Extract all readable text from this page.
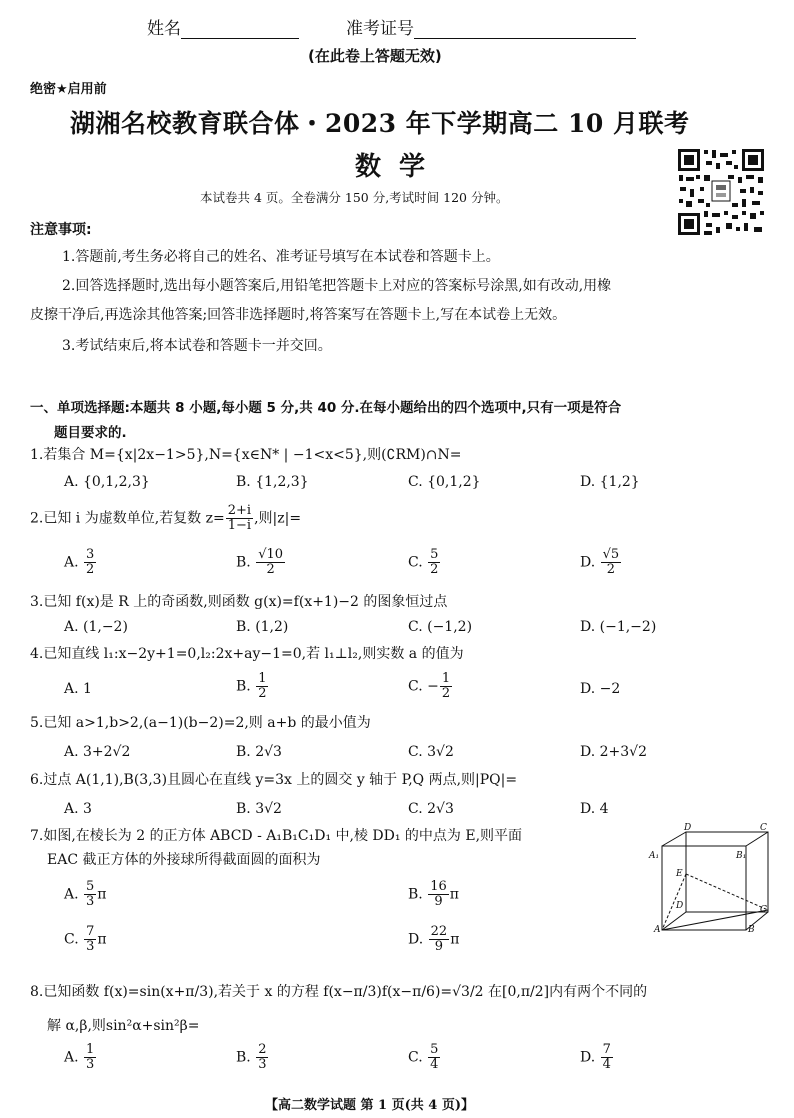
姓名	准考证号
(在此卷上答题无效)
绝密★启用前
湖湘名校教育联合体・2023 年下学期高二 10 月联考
数学
本试卷共 4 页。全卷满分 150 分,考试时间 120 分钟。
注意事项:
1.答题前,考生务必将自己的姓名、准考证号填写在本试卷和答题卡上。
2.回答选择题时,选出每小题答案后,用铅笔把答题卡上对应的答案标号涂黑,如有改动,用橡
皮擦干净后,再选涂其他答案;回答非选择题时,将答案写在答题卡上,写在本试卷上无效。
3.考试结束后,将本试卷和答题卡一并交回。
一、单项选择题:本题共 8 小题,每小题 5 分,共 40 分.在每小题给出的四个选项中,只有一项是符合
题目要求的.
1.若集合 M={x|2x−1>5},N={x∈N* | −1<x<5},则(∁RM)∩N=
A. {0,1,2,3}	B. {1,2,3}	C. {0,1,2}	D. {1,2}
2.已知 i 为虚数单位,若复数 $z= \frac{2+i}{1-i}$ ,则|z|=
A. $\frac{3}{2}$	B. $\frac{√10}{2}$	C. $\frac{5}{2}$	D. $\frac{√5}{2}$
3.已知 f(x)是 R 上的奇函数,则函数 g(x)=f(x+1)−2 的图象恒过点
A. (1,−2)	B. (1,2)	C. (−1,2)	D. (−1,−2)
4.已知直线 l₁:x−2y+1=0,l₂:2x+ay−1=0,若 l₁⊥l₂,则实数 a 的值为
A. 1	B. $\frac{1}{2}$	C. − $\frac{1}{2}$	D. −2
5.已知 a>1,b>2,(a−1)(b−2)=2,则 a+b 的最小值为
A. 3+2√2	B. 2√3	C. 3√2	D. 2+3√2
6.过点 A(1,1),B(3,3)且圆心在直线 y=3x 上的圆交 y 轴于 P,Q 两点,则|PQ|=
A. 3	B. 3√2	C. 2√3	D. 4
7.如图,在棱长为 2 的正方体 ABCD - A₁B₁C₁D₁ 中,棱 DD₁ 的中点为 E,则平面
EAC 截正方体的外接球所得截面圆的面积为
A. $\frac{5}{3}$ π	B. $\frac{16}{9}$ π
C. $\frac{7}{3}$ π	D. $\frac{22}{9}$ π
D	C
A₁	B₁
E
D
A	B
C
8.已知函数 f(x)=sin(x+π/3),若关于 x 的方程 f(x−π/3)f(x−π/6)=√3/2 在[0,π/2]内有两个不同的
解 α,β,则sin²α+sin²β=
A. $\frac{1}{3}$	B. $\frac{2}{3}$	C. $\frac{5}{4}$	D. $\frac{7}{4}$
【高二数学试题 第 1 页(共 4 页)】
